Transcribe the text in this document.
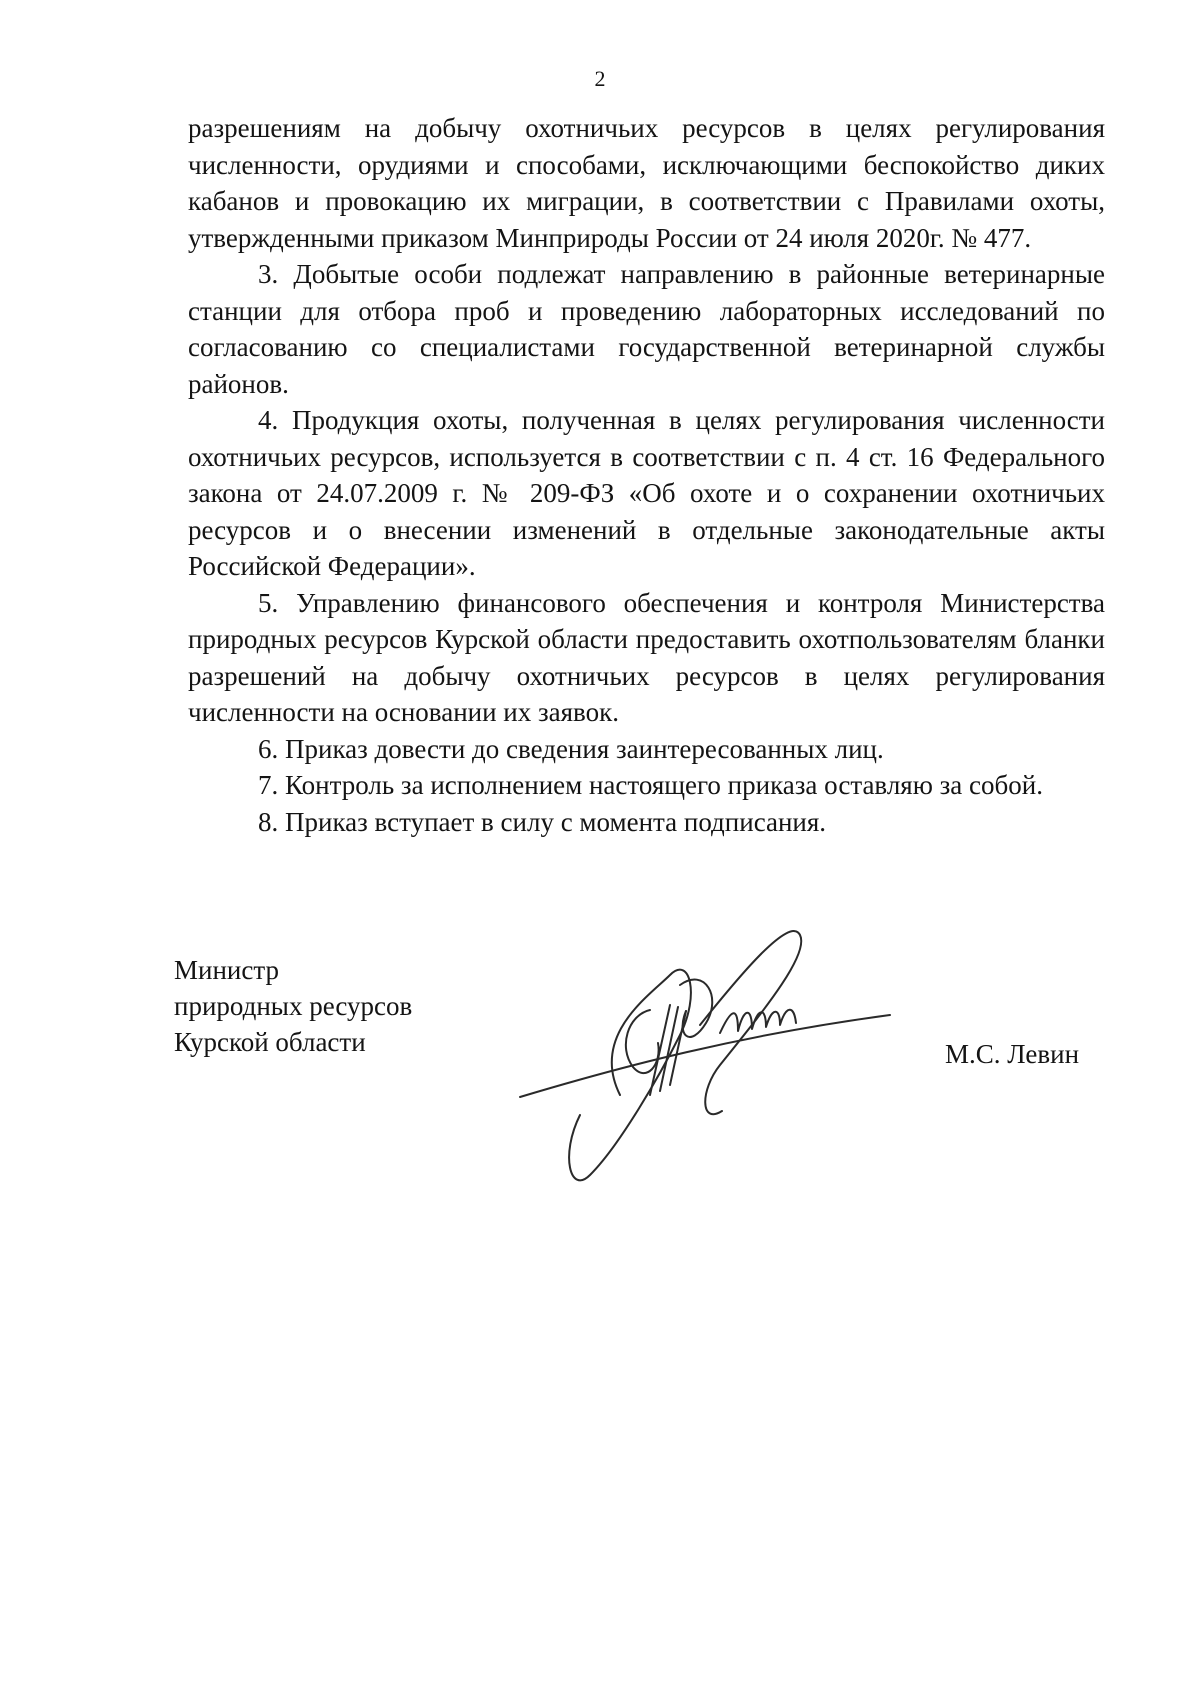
2

разрешениям на добычу охотничьих ресурсов в целях регулирования численности, орудиями и способами, исключающими беспокойство диких кабанов и провокацию их миграции, в соответствии с Правилами охоты, утвержденными приказом Минприроды России от 24 июля 2020г. № 477.

3. Добытые особи подлежат направлению в районные ветеринарные станции для отбора проб и проведению лабораторных исследований по согласованию со специалистами государственной ветеринарной службы районов.

4. Продукция охоты, полученная в целях регулирования численности охотничьих ресурсов, используется в соответствии с п. 4 ст. 16 Федерального закона от 24.07.2009 г. № 209-ФЗ «Об охоте и о сохранении охотничьих ресурсов и о внесении изменений в отдельные законодательные акты Российской Федерации».

5. Управлению финансового обеспечения и контроля Министерства природных ресурсов Курской области предоставить охотпользователям бланки разрешений на добычу охотничьих ресурсов в целях регулирования численности на основании их заявок.

6. Приказ довести до сведения заинтересованных лиц.

7. Контроль за исполнением настоящего приказа оставляю за собой.

8. Приказ вступает в силу с момента подписания.

Министр
природных ресурсов
Курской области	М.С. Левин
